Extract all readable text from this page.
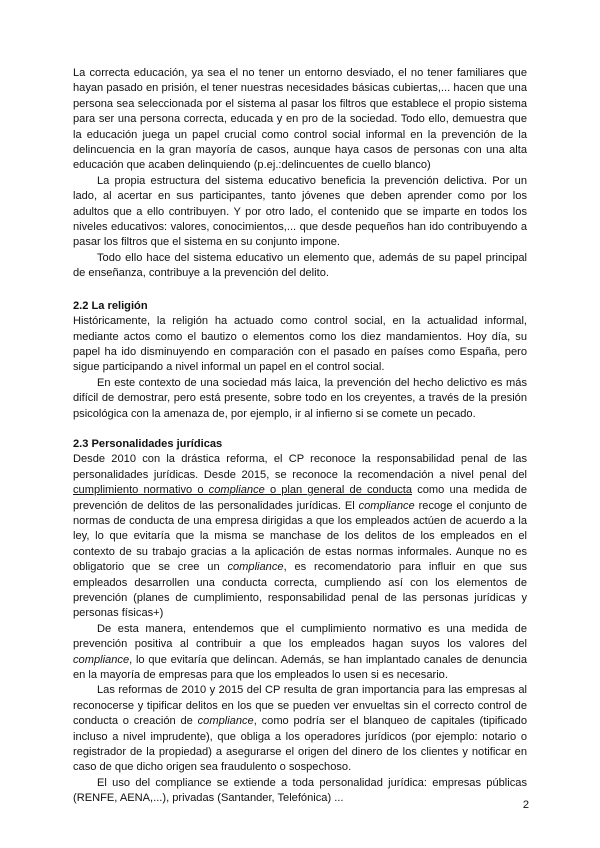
La correcta educación, ya sea el no tener un entorno desviado, el no tener familiares que hayan pasado en prisión, el tener nuestras necesidades básicas cubiertas,... hacen que una persona sea seleccionada por el sistema al pasar los filtros que establece el propio sistema para ser una persona correcta, educada y en pro de la sociedad. Todo ello, demuestra que la educación juega un papel crucial como control social informal en la prevención de la delincuencia en la gran mayoría de casos, aunque haya casos de personas con una alta educación que acaben delinquiendo (p.ej.:delincuentes de cuello blanco)

La propia estructura del sistema educativo beneficia la prevención delictiva. Por un lado, al acertar en sus participantes, tanto jóvenes que deben aprender como por los adultos que a ello contribuyen. Y por otro lado, el contenido que se imparte en todos los niveles educativos: valores, conocimientos,... que desde pequeños han ido contribuyendo a pasar los filtros que el sistema en su conjunto impone.

Todo ello hace del sistema educativo un elemento que, además de su papel principal de enseñanza, contribuye a la prevención del delito.

2.2 La religión

Históricamente, la religión ha actuado como control social, en la actualidad informal, mediante actos como el bautizo o elementos como los diez mandamientos. Hoy día, su papel ha ido disminuyendo en comparación con el pasado en países como España, pero sigue participando a nivel informal un papel en el control social.

En este contexto de una sociedad más laica, la prevención del hecho delictivo es más difícil de demostrar, pero está presente, sobre todo en los creyentes, a través de la presión psicológica con la amenaza de, por ejemplo, ir al infierno si se comete un pecado.

2.3 Personalidades jurídicas

Desde 2010 con la drástica reforma, el CP reconoce la responsabilidad penal de las personalidades jurídicas. Desde 2015, se reconoce la recomendación a nivel penal del cumplimiento normativo o compliance o plan general de conducta como una medida de prevención de delitos de las personalidades jurídicas. El compliance recoge el conjunto de normas de conducta de una empresa dirigidas a que los empleados actúen de acuerdo a la ley, lo que evitaría que la misma se manchase de los delitos de los empleados en el contexto de su trabajo gracias a la aplicación de estas normas informales. Aunque no es obligatorio que se cree un compliance, es recomendatorio para influir en que sus empleados desarrollen una conducta correcta, cumpliendo así con los elementos de prevención (planes de cumplimiento, responsabilidad penal de las personas jurídicas y personas físicas+)

De esta manera, entendemos que el cumplimiento normativo es una medida de prevención positiva al contribuir a que los empleados hagan suyos los valores del compliance, lo que evitaría que delincan. Además, se han implantado canales de denuncia en la mayoría de empresas para que los empleados lo usen si es necesario.

Las reformas de 2010 y 2015 del CP resulta de gran importancia para las empresas al reconocerse y tipificar delitos en los que se pueden ver envueltas sin el correcto control de conducta o creación de compliance, como podría ser el blanqueo de capitales (tipificado incluso a nivel imprudente), que obliga a los operadores jurídicos (por ejemplo: notario o registrador de la propiedad) a asegurarse el origen del dinero de los clientes y notificar en caso de que dicho origen sea fraudulento o sospechoso.

El uso del compliance se extiende a toda personalidad jurídica: empresas públicas (RENFE, AENA,...), privadas (Santander, Telefónica) ...

2
